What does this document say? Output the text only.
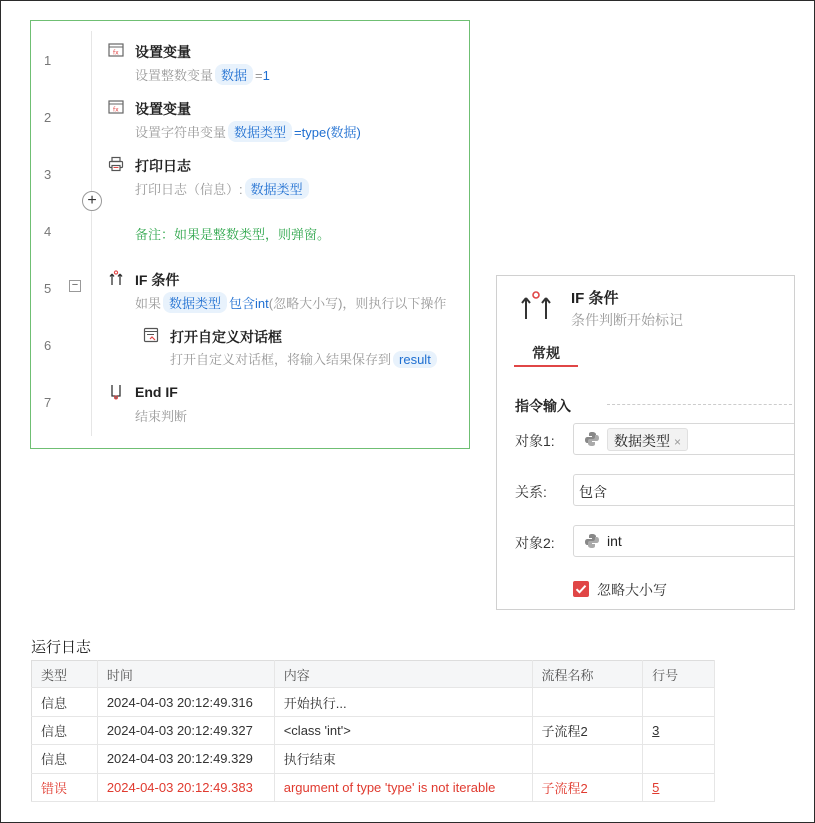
1	fx 设置变量
设置整数变量 数据 =1
2	fx 设置变量
设置字符串变量 数据类型 =type(数据)
3
打印日志
打印日志（信息）: 数据类型
+
4	备注：如果是整数类型，则弹窗。
5
IF 条件
如果 数据类型 包含int(忽略大小写)，则执行以下操作
−
6
打开自定义对话框
打开自定义对话框，将输入结果保存到 result
7
End IF
结束判断
IF 条件
条件判断开始标记
常规
指令输入
对象1:	数据类型 ×
关系: 包含
对象2:	int
忽略大小写
运行日志
类型	时间	内容	流程名称	行号
信息	2024-04-03 20:12:49.316	开始执行...		
信息	2024-04-03 20:12:49.327	<class 'int'>	子流程2	3
信息	2024-04-03 20:12:49.329	执行结束		
错误	2024-04-03 20:12:49.383	argument of type 'type' is not iterable	子流程2	5
